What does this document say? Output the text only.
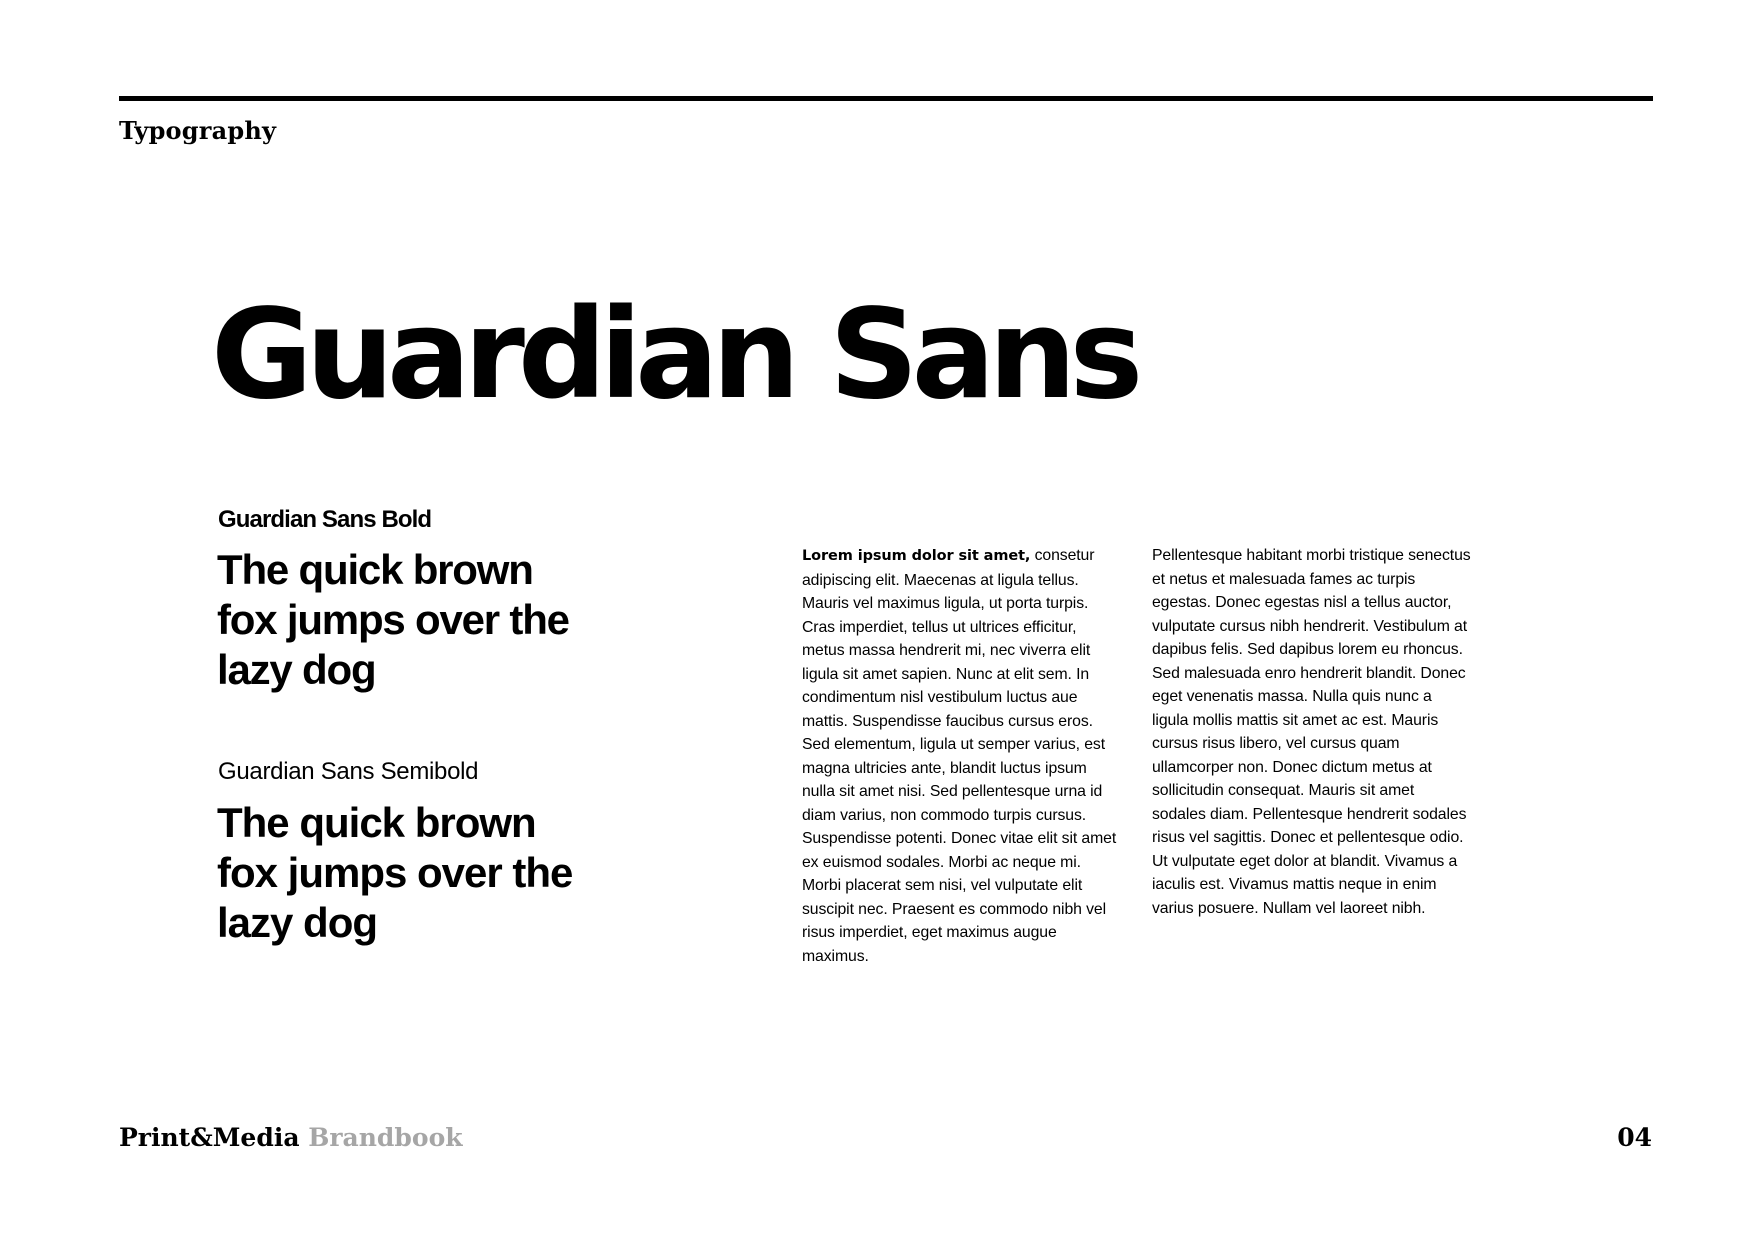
Typography
Guardian Sans
Guardian Sans Bold
The quick brown fox jumps over the lazy dog
Guardian Sans Semibold
The quick brown fox jumps over the lazy dog
Lorem ipsum dolor sit amet, consetur adipiscing elit. Maecenas at ligula tellus. Mauris vel maximus ligula, ut porta turpis. Cras imperdiet, tellus ut ultrices efficitur, metus massa hendrerit mi, nec viverra elit ligula sit amet sapien. Nunc at elit sem. In condimentum nisl vestibulum luctus aue mattis. Suspendisse faucibus cursus eros. Sed elementum, ligula ut semper varius, est magna ultricies ante, blandit luctus ipsum nulla sit amet nisi. Sed pellentesque urna id diam varius, non commodo turpis cursus. Suspendisse potenti. Donec vitae elit sit amet ex euismod sodales. Morbi ac neque mi. Morbi placerat sem nisi, vel vulputate elit suscipit nec. Praesent es commodo nibh vel risus imperdiet, eget maximus augue maximus.
Pellentesque habitant morbi tristique senectus et netus et malesuada fames ac turpis egestas. Donec egestas nisl a tellus auctor, vulputate cursus nibh hendrerit. Vestibulum at dapibus felis. Sed dapibus lorem eu rhoncus. Sed malesuada enro hendrerit blandit. Donec eget venenatis massa. Nulla quis nunc a ligula mollis mattis sit amet ac est. Mauris cursus risus libero, vel cursus quam ullamcorper non. Donec dictum metus at sollicitudin consequat. Mauris sit amet sodales diam. Pellentesque hendrerit sodales risus vel sagittis. Donec et pellentesque odio. Ut vulputate eget dolor at blandit. Vivamus a iaculis est. Vivamus mattis neque in enim varius posuere. Nullam vel laoreet nibh.
Print&Media Brandbook	04
